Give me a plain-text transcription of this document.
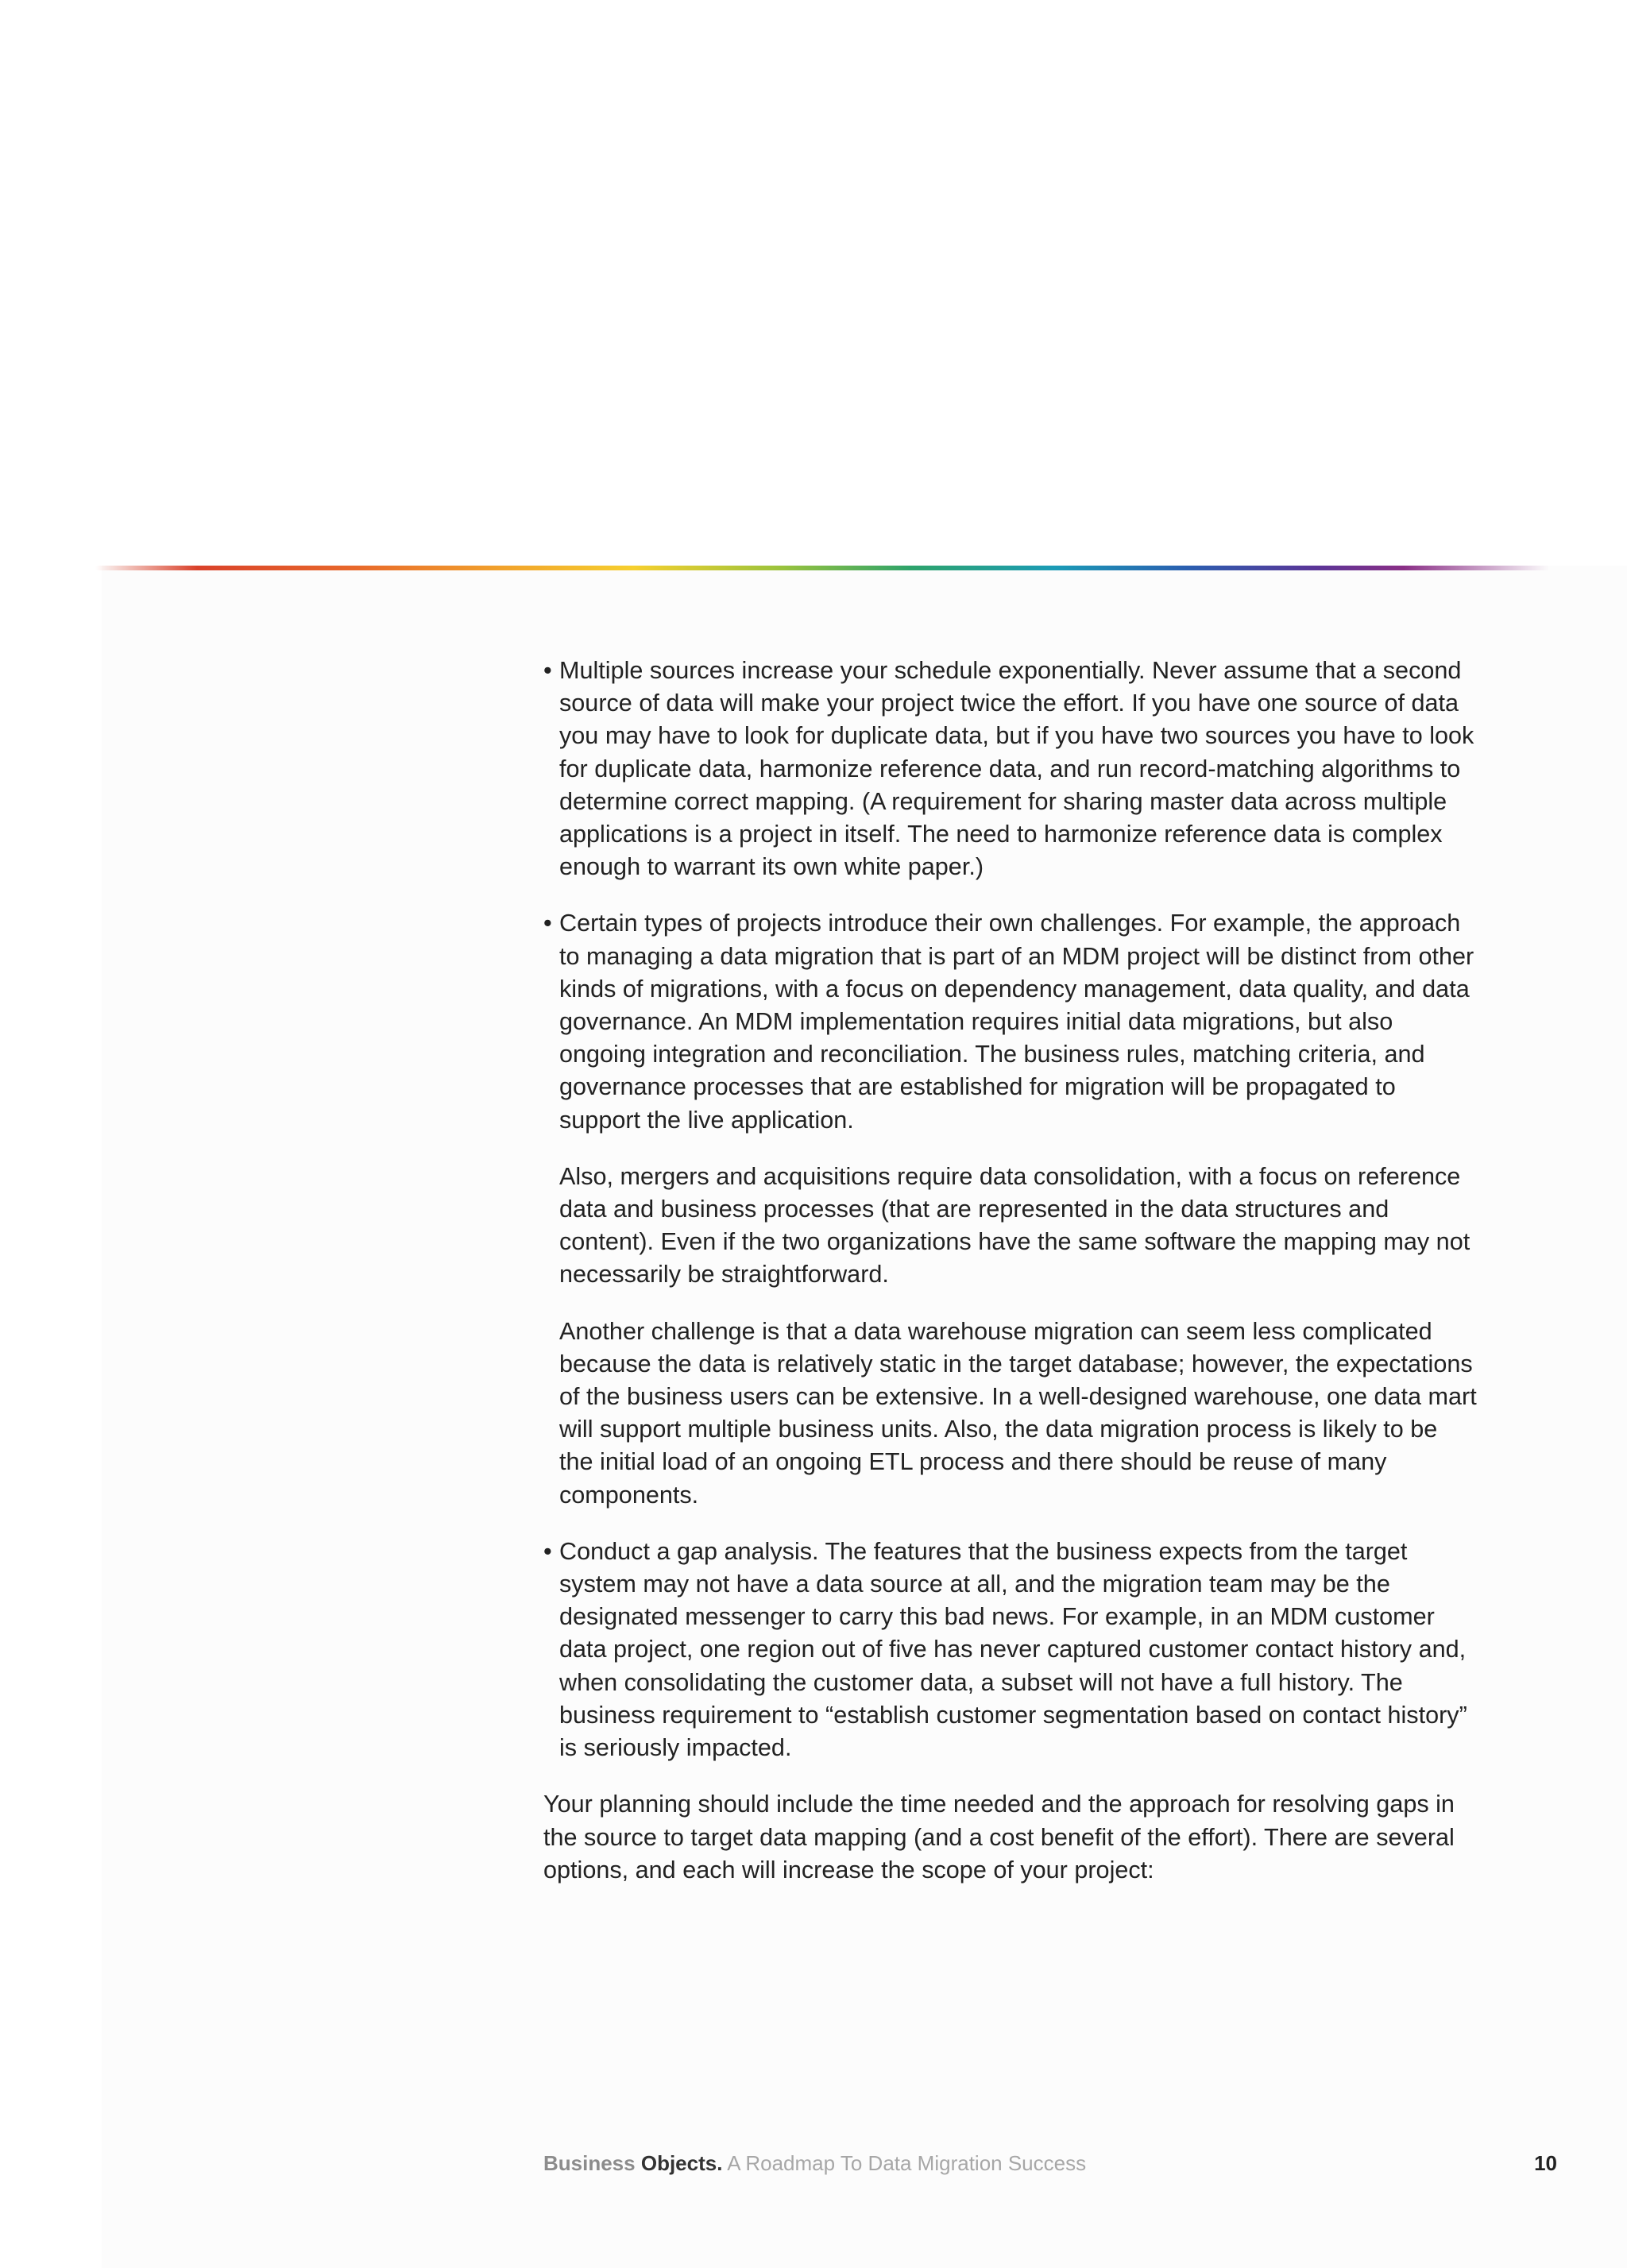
• Multiple sources increase your schedule exponentially. Never assume that a second source of data will make your project twice the effort. If you have one source of data you may have to look for duplicate data, but if you have two sources you have to look for duplicate data, harmonize reference data, and run record-matching algorithms to determine correct mapping. (A requirement for sharing master data across multiple applications is a project in itself. The need to harmonize reference data is complex enough to warrant its own white paper.)
• Certain types of projects introduce their own challenges. For example, the approach to managing a data migration that is part of an MDM project will be distinct from other kinds of migrations, with a focus on dependency management, data quality, and data governance. An MDM implementation requires initial data migrations, but also ongoing integration and reconciliation. The business rules, matching criteria, and governance processes that are established for migration will be propagated to support the live application.
Also, mergers and acquisitions require data consolidation, with a focus on reference data and business processes (that are represented in the data structures and content). Even if the two organizations have the same software the mapping may not necessarily be straightforward.
Another challenge is that a data warehouse migration can seem less complicated because the data is relatively static in the target database; however, the expectations of the business users can be extensive. In a well-designed warehouse, one data mart will support multiple business units. Also, the data migration process is likely to be the initial load of an ongoing ETL process and there should be reuse of many components.
• Conduct a gap analysis. The features that the business expects from the target system may not have a data source at all, and the migration team may be the designated messenger to carry this bad news. For example, in an MDM customer data project, one region out of five has never captured customer contact history and, when consolidating the customer data, a subset will not have a full history. The business requirement to “establish customer segmentation based on contact history” is seriously impacted.
Your planning should include the time needed and the approach for resolving gaps in the source to target data mapping (and a cost benefit of the effort). There are several options, and each will increase the scope of your project:
Business Objects. A Roadmap To Data Migration Success	10
